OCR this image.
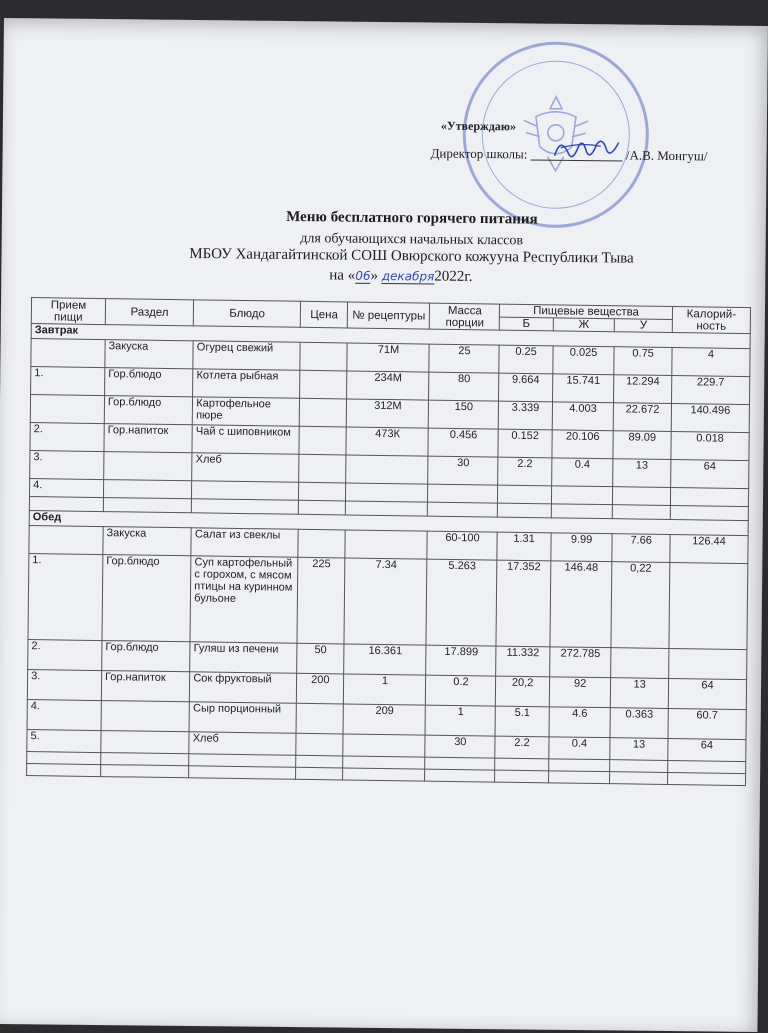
«Утверждаю»
Директор школы:	/А.В. Монгуш/
Меню бесплатного горячего питания
для обучающихся начальных классов
МБОУ Хандагайтинской СОШ Овюрского кожууна Республики Тыва
на «06» декабря2022г.
Прием пищи	Раздел	Блюдо	Цена	№ рецептуры	Масса порции	Пищевые вещества			Калорий-ность
						Б	Ж	У	
Завтрак									
	Закуска	Огурец свежий		71М	25	0.25	0.025	0.75	4
1.	Гор.блюдо	Котлета рыбная		234М	80	9.664	15.741	12.294	229.7
	Гор.блюдо	Картофельное пюре		312М	150	3.339	4.003	22.672	140.496
2.	Гор.напиток	Чай с шиповником		473К	0.456	0.152	20.106	89.09	0.018
3.		Хлеб			30	2.2	0.4	13	64
4.									

Обед									
	Закуска	Салат из свеклы			60-100	1.31	9.99	7.66	126.44
1.	Гор.блюдо	Суп картофельный с горохом, с мясом птицы на куринном бульоне	225	7.34	5.263	17.352	146.48	0,22	
2.	Гор.блюдо	Гуляш из печени	50	16.361	17.899	11.332	272.785		
3.	Гор.напиток	Сок фруктовый	200	1	0.2	20,2	92	13	64
4.		Сыр порционный		209	1	5.1	4.6	0.363	60.7
5.		Хлеб			30	2.2	0.4	13	64
